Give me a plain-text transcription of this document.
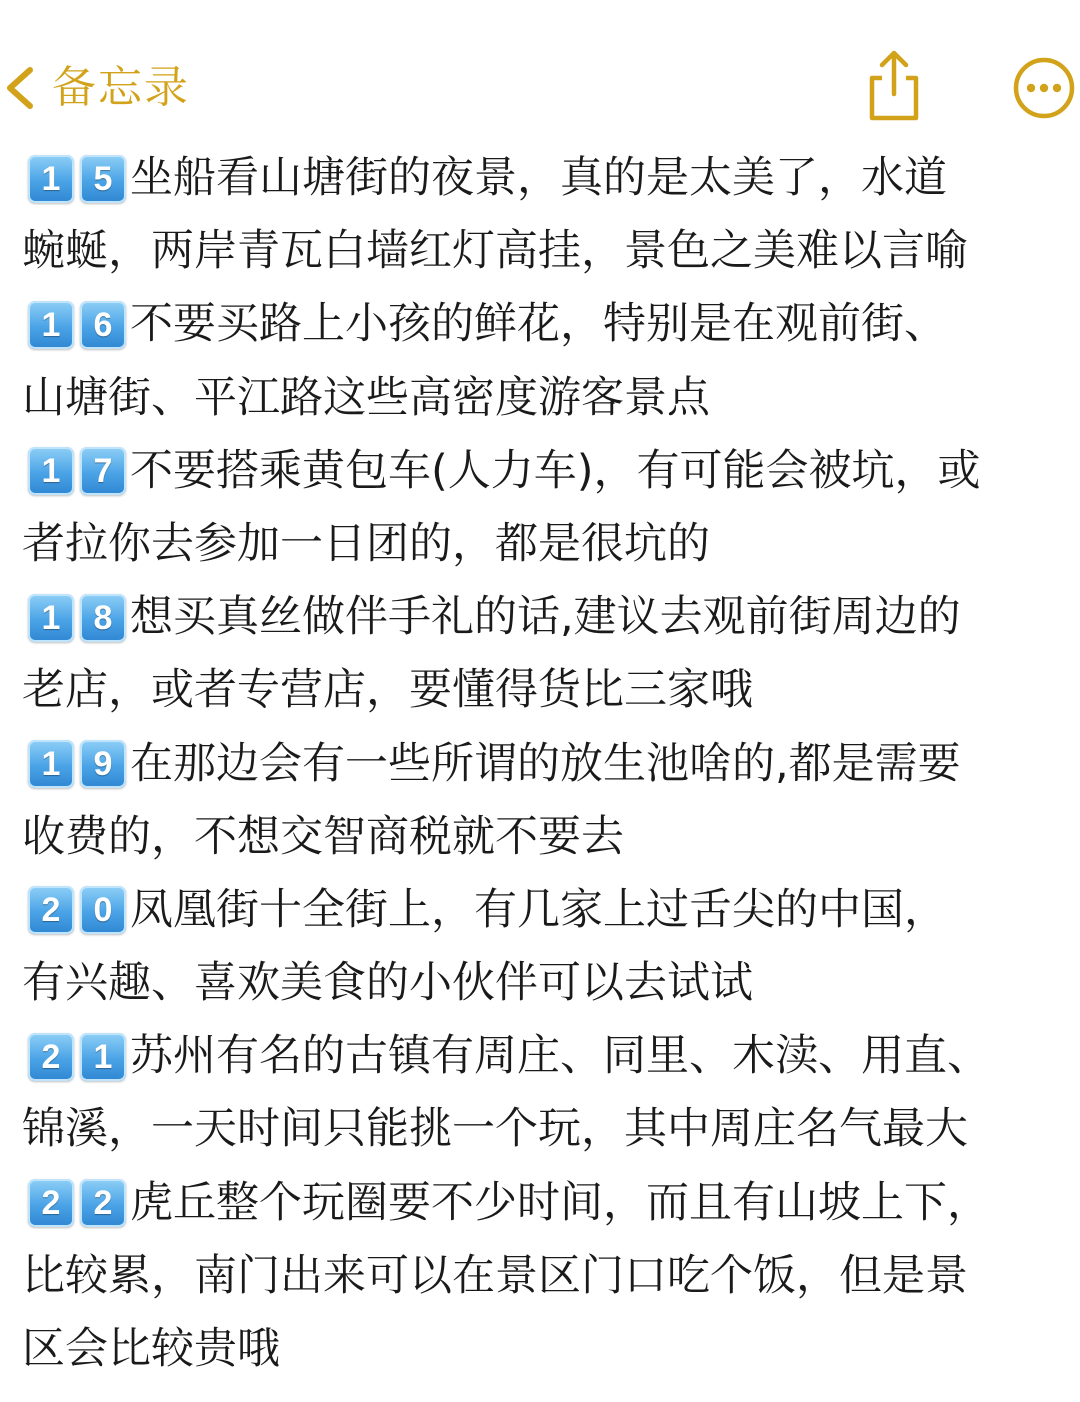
备忘录
1 5 坐船看山塘街的夜景，真的是太美了，水道
蜿蜒，两岸青瓦白墙红灯高挂，景色之美难以言喻
1 6 不要买路上小孩的鲜花，特别是在观前街、
山塘街、平江路这些高密度游客景点
1 7 不要搭乘黄包车(人力车)，有可能会被坑，或
者拉你去参加一日团的，都是很坑的
1 8 想买真丝做伴手礼的话,建议去观前街周边的
老店，或者专营店，要懂得货比三家哦
1 9 在那边会有一些所谓的放生池啥的,都是需要
收费的，不想交智商税就不要去
2 0 凤凰街十全街上，有几家上过舌尖的中国，
有兴趣、喜欢美食的小伙伴可以去试试
2 1 苏州有名的古镇有周庄、同里、木渎、用直、
锦溪，一天时间只能挑一个玩，其中周庄名气最大
2 2 虎丘整个玩圈要不少时间，而且有山坡上下，
比较累，南门出来可以在景区门口吃个饭，但是景
区会比较贵哦
